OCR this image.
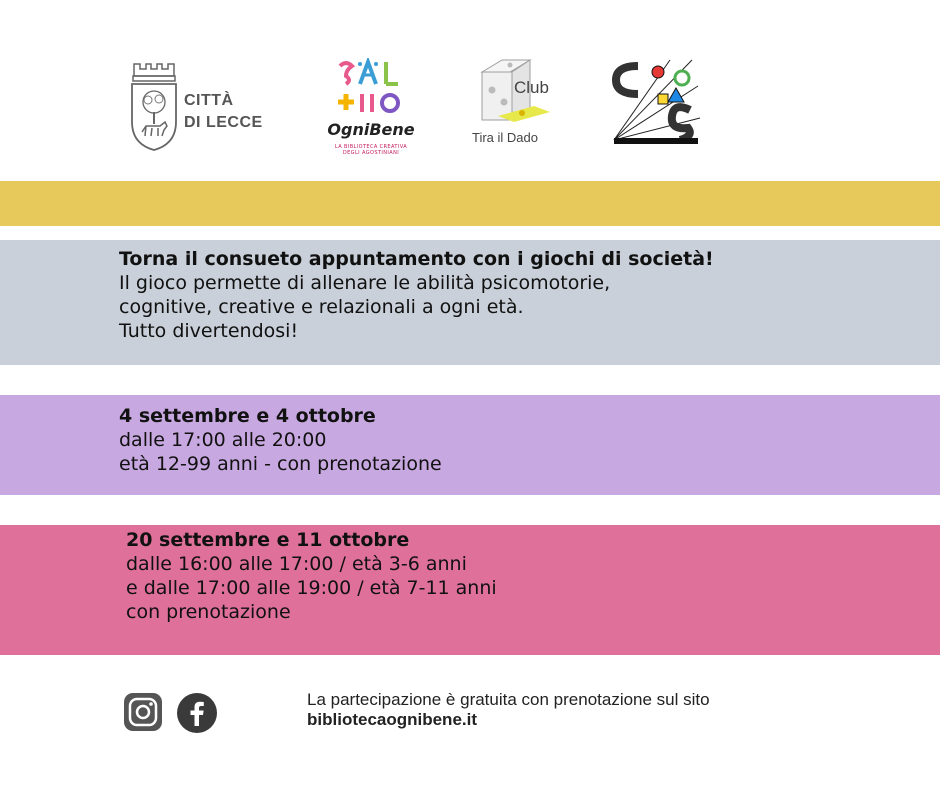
CITTÀ
DI LECCE	OgniBene
LA BIBLIOTECA CREATIVA
DEGLI AGOSTINIANI
Club
Tira il Dado
Torna il consueto appuntamento con i giochi di società!
Il gioco permette di allenare le abilità psicomotorie,
cognitive, creative e relazionali a ogni età.
Tutto divertendosi!
4 settembre e 4 ottobre
dalle 17:00 alle 20:00
età 12-99 anni - con prenotazione
20 settembre e 11 ottobre
dalle 16:00 alle 17:00 / età 3-6 anni
e dalle 17:00 alle 19:00 / età 7-11 anni
con prenotazione
La partecipazione è gratuita con prenotazione sul sito
bibliotecaognibene.it
